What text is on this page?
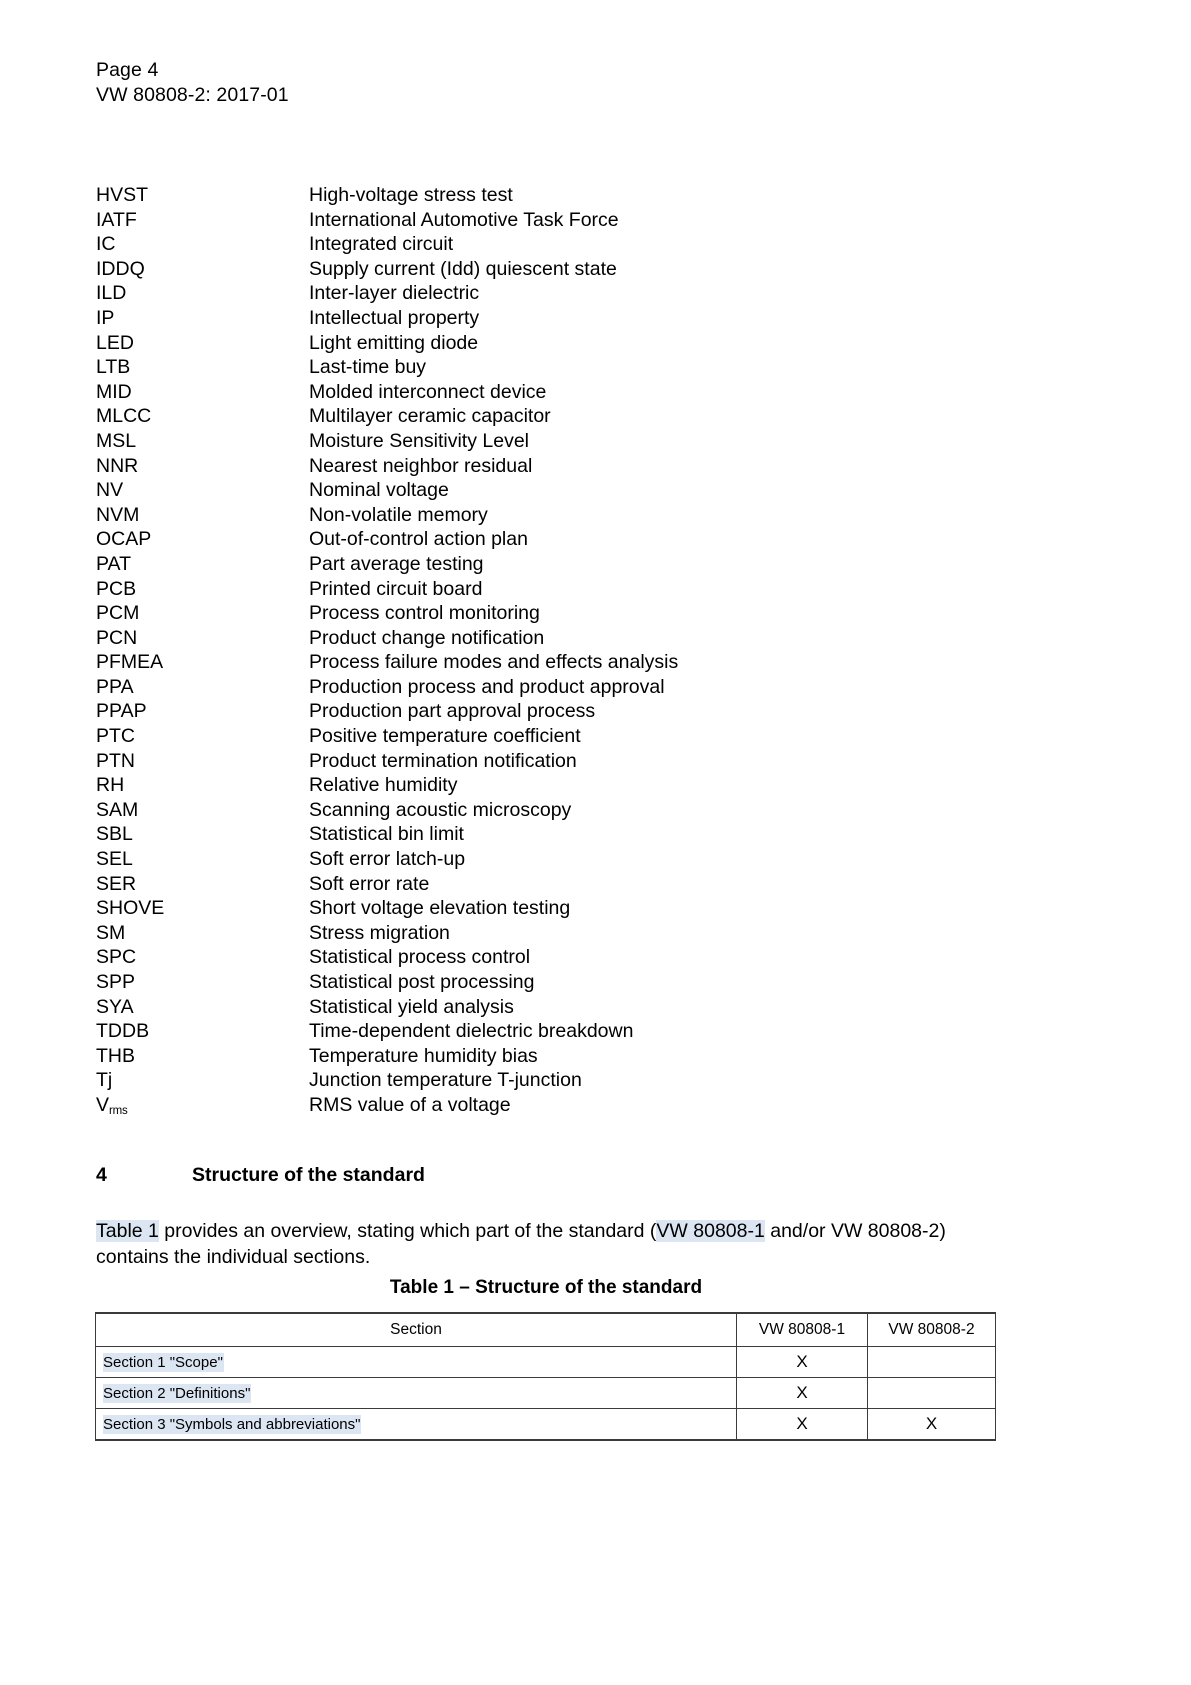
Page 4
VW 80808-2: 2017-01
HVST	High-voltage stress test
IATF	International Automotive Task Force
IC	Integrated circuit
IDDQ	Supply current (Idd) quiescent state
ILD	Inter-layer dielectric
IP	Intellectual property
LED	Light emitting diode
LTB	Last-time buy
MID	Molded interconnect device
MLCC	Multilayer ceramic capacitor
MSL	Moisture Sensitivity Level
NNR	Nearest neighbor residual
NV	Nominal voltage
NVM	Non-volatile memory
OCAP	Out-of-control action plan
PAT	Part average testing
PCB	Printed circuit board
PCM	Process control monitoring
PCN	Product change notification
PFMEA	Process failure modes and effects analysis
PPA	Production process and product approval
PPAP	Production part approval process
PTC	Positive temperature coefficient
PTN	Product termination notification
RH	Relative humidity
SAM	Scanning acoustic microscopy
SBL	Statistical bin limit
SEL	Soft error latch-up
SER	Soft error rate
SHOVE	Short voltage elevation testing
SM	Stress migration
SPC	Statistical process control
SPP	Statistical post processing
SYA	Statistical yield analysis
TDDB	Time-dependent dielectric breakdown
THB	Temperature humidity bias
Tj	Junction temperature T-junction
$V_{rms}$	RMS value of a voltage
4	Structure of the standard
Table 1 provides an overview, stating which part of the standard (VW 80808-1 and/or VW 80808-2) contains the individual sections.
Table 1 – Structure of the standard
Section	VW 80808-1	VW 80808-2
Section 1 "Scope"	X	
Section 2 "Definitions"	X	
Section 3 "Symbols and abbreviations"	X	X
